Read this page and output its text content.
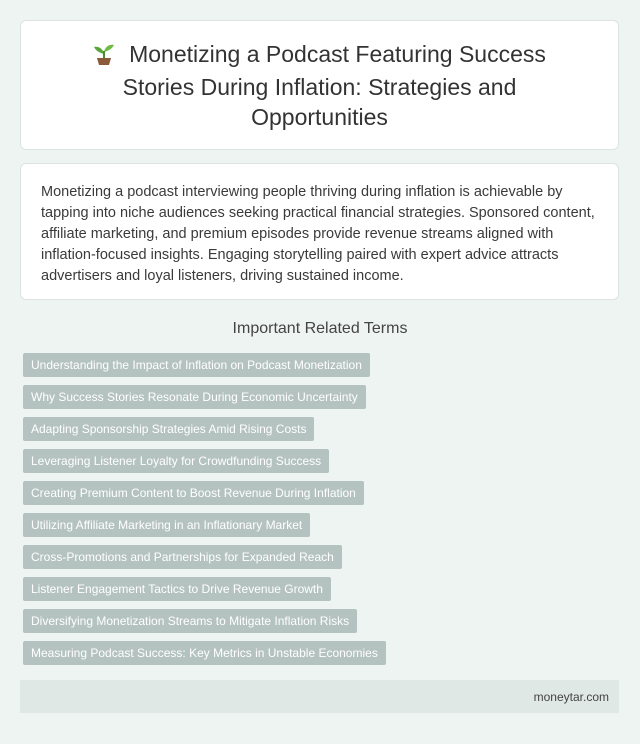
Monetizing a Podcast Featuring Success Stories During Inflation: Strategies and Opportunities

Monetizing a podcast interviewing people thriving during inflation is achievable by tapping into niche audiences seeking practical financial strategies. Sponsored content, affiliate marketing, and premium episodes provide revenue streams aligned with inflation-focused insights. Engaging storytelling paired with expert advice attracts advertisers and loyal listeners, driving sustained income.

Important Related Terms
Understanding the Impact of Inflation on Podcast Monetization
Why Success Stories Resonate During Economic Uncertainty
Adapting Sponsorship Strategies Amid Rising Costs
Leveraging Listener Loyalty for Crowdfunding Success
Creating Premium Content to Boost Revenue During Inflation
Utilizing Affiliate Marketing in an Inflationary Market
Cross-Promotions and Partnerships for Expanded Reach
Listener Engagement Tactics to Drive Revenue Growth
Diversifying Monetization Streams to Mitigate Inflation Risks
Measuring Podcast Success: Key Metrics in Unstable Economies
moneytar.com
